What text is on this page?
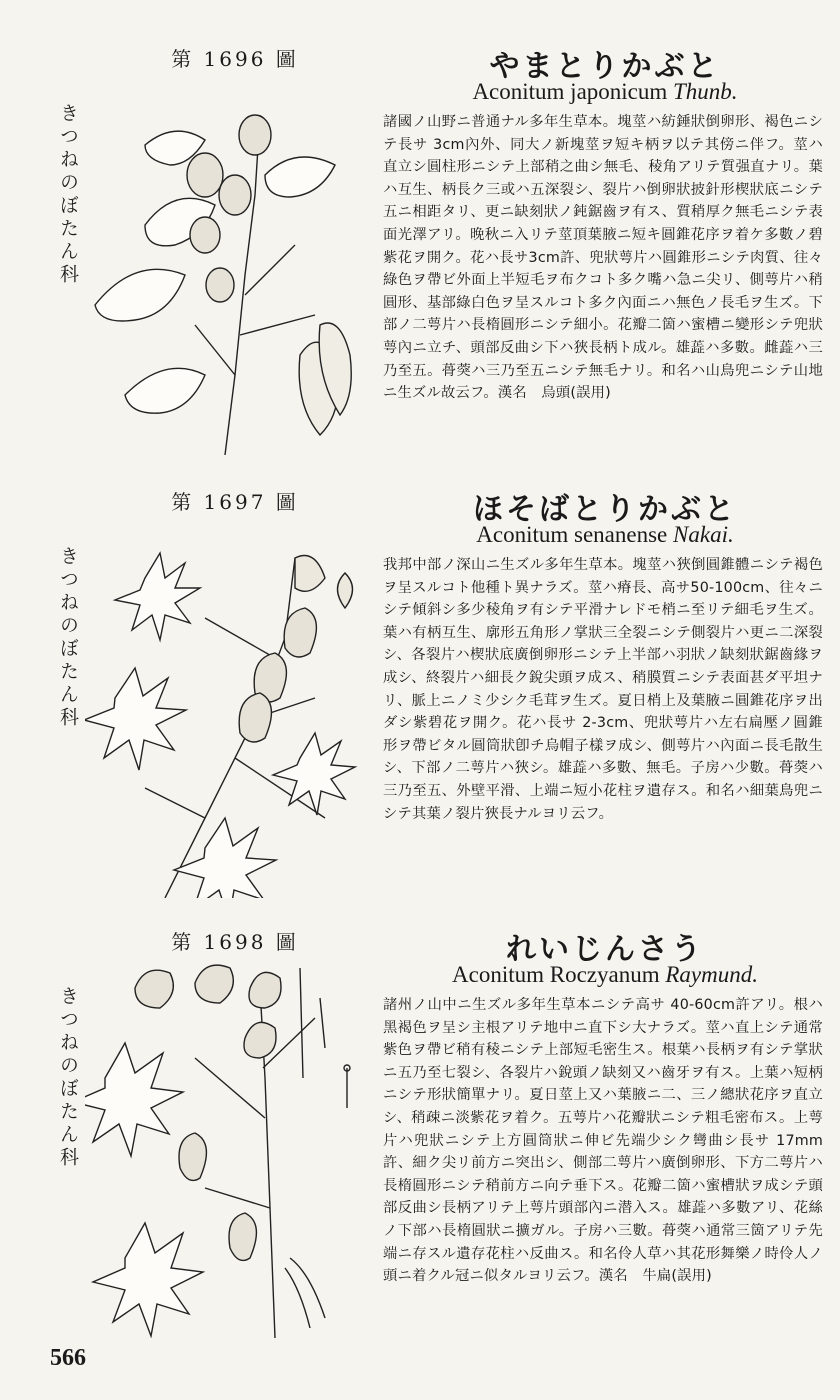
第 1696 圖
きつねのぼたん科
やまとりかぶと
Aconitum japonicum Thunb.
諸國ノ山野ニ普通ナル多年生草本。塊莖ハ紡錘狀倒卵形、褐色ニシテ長サ 3cm內外、同大ノ新塊莖ヲ短キ柄ヲ以テ其傍ニ伴フ。莖ハ直立シ圓柱形ニシテ上部稍之曲シ無毛、稜角アリテ質强直ナリ。葉ハ互生、柄長ク三或ハ五深裂シ、裂片ハ倒卵狀披針形楔狀底ニシテ五ニ相距タリ、更ニ缺刻狀ノ鈍鋸齒ヲ有ス、質稍厚ク無毛ニシテ表面光澤アリ。晚秋ニ入リテ莖頂葉腋ニ短キ圓錐花序ヲ着ケ多數ノ碧紫花ヲ開ク。花ハ長サ3cm許、兜狀萼片ハ圓錐形ニシテ肉質、往々綠色ヲ帶ビ外面上半短毛ヲ布クコト多ク嘴ハ急ニ尖リ、側萼片ハ稍圓形、基部綠白色ヲ呈スルコト多ク內面ニハ無色ノ長毛ヲ生ズ。下部ノ二萼片ハ長楕圓形ニシテ細小。花瓣二箇ハ蜜槽ニ變形シテ兜狀萼內ニ立チ、頭部反曲シ下ハ狹長柄ト成ル。雄蕋ハ多數。雌蕋ハ三乃至五。蓇葖ハ三乃至五ニシテ無毛ナリ。和名ハ山鳥兜ニシテ山地ニ生ズル故云フ。漢名　烏頭(誤用)
第 1697 圖
きつねのぼたん科
ほそばとりかぶと
Aconitum senanense Nakai.
我邦中部ノ深山ニ生ズル多年生草本。塊莖ハ狹倒圓錐體ニシテ褐色ヲ呈スルコト他種ト異ナラズ。莖ハ瘠長、高サ50-100cm、往々ニシテ傾斜シ多少稜角ヲ有シテ平滑ナレドモ梢ニ至リテ細毛ヲ生ズ。葉ハ有柄互生、廓形五角形ノ掌狀三全裂ニシテ側裂片ハ更ニ二深裂シ、各裂片ハ楔狀底廣倒卵形ニシテ上半部ハ羽狀ノ缺刻狀鋸齒緣ヲ成シ、終裂片ハ細長ク銳尖頭ヲ成ス、稍膜質ニシテ表面甚ダ平坦ナリ、脈上ニノミ少シク毛茸ヲ生ズ。夏日梢上及葉腋ニ圓錐花序ヲ出ダシ紫碧花ヲ開ク。花ハ長サ 2-3cm、兜狀萼片ハ左右扁壓ノ圓錐形ヲ帶ビタル圓筒狀卽チ烏帽子樣ヲ成シ、側萼片ハ內面ニ長毛散生シ、下部ノ二萼片ハ狹シ。雄蕋ハ多數、無毛。子房ハ少數。蓇葖ハ三乃至五、外壁平滑、上端ニ短小花柱ヲ遺存ス。和名ハ細葉鳥兜ニシテ其葉ノ裂片狹長ナルヨリ云フ。
第 1698 圖
きつねのぼたん科
れいじんさう
Aconitum Roczyanum Raymund.
諸州ノ山中ニ生ズル多年生草本ニシテ高サ 40-60cm許アリ。根ハ黑褐色ヲ呈シ主根アリテ地中ニ直下シ大ナラズ。莖ハ直上シテ通常紫色ヲ帶ビ稍有稜ニシテ上部短毛密生ス。根葉ハ長柄ヲ有シテ掌狀ニ五乃至七裂シ、各裂片ハ銳頭ノ缺刻又ハ齒牙ヲ有ス。上葉ハ短柄ニシテ形狀簡單ナリ。夏日莖上又ハ葉腋ニ二、三ノ總狀花序ヲ直立シ、稍疎ニ淡紫花ヲ着ク。五萼片ハ花瓣狀ニシテ粗毛密布ス。上萼片ハ兜狀ニシテ上方圓筒狀ニ伸ビ先端少シク彎曲シ長サ 17mm許、細ク尖リ前方ニ突出シ、側部二萼片ハ廣倒卵形、下方二萼片ハ長楕圓形ニシテ稍前方ニ向テ垂下ス。花瓣二箇ハ蜜槽狀ヲ成シテ頭部反曲シ長柄アリテ上萼片頭部內ニ潜入ス。雄蕋ハ多數アリ、花絲ノ下部ハ長楕圓狀ニ擴ガル。子房ハ三數。蓇葖ハ通常三箇アリテ先端ニ存スル遺存花柱ハ反曲ス。和名伶人草ハ其花形舞樂ノ時伶人ノ頭ニ着クル冠ニ似タルヨリ云フ。漢名　牛扁(誤用)
566
